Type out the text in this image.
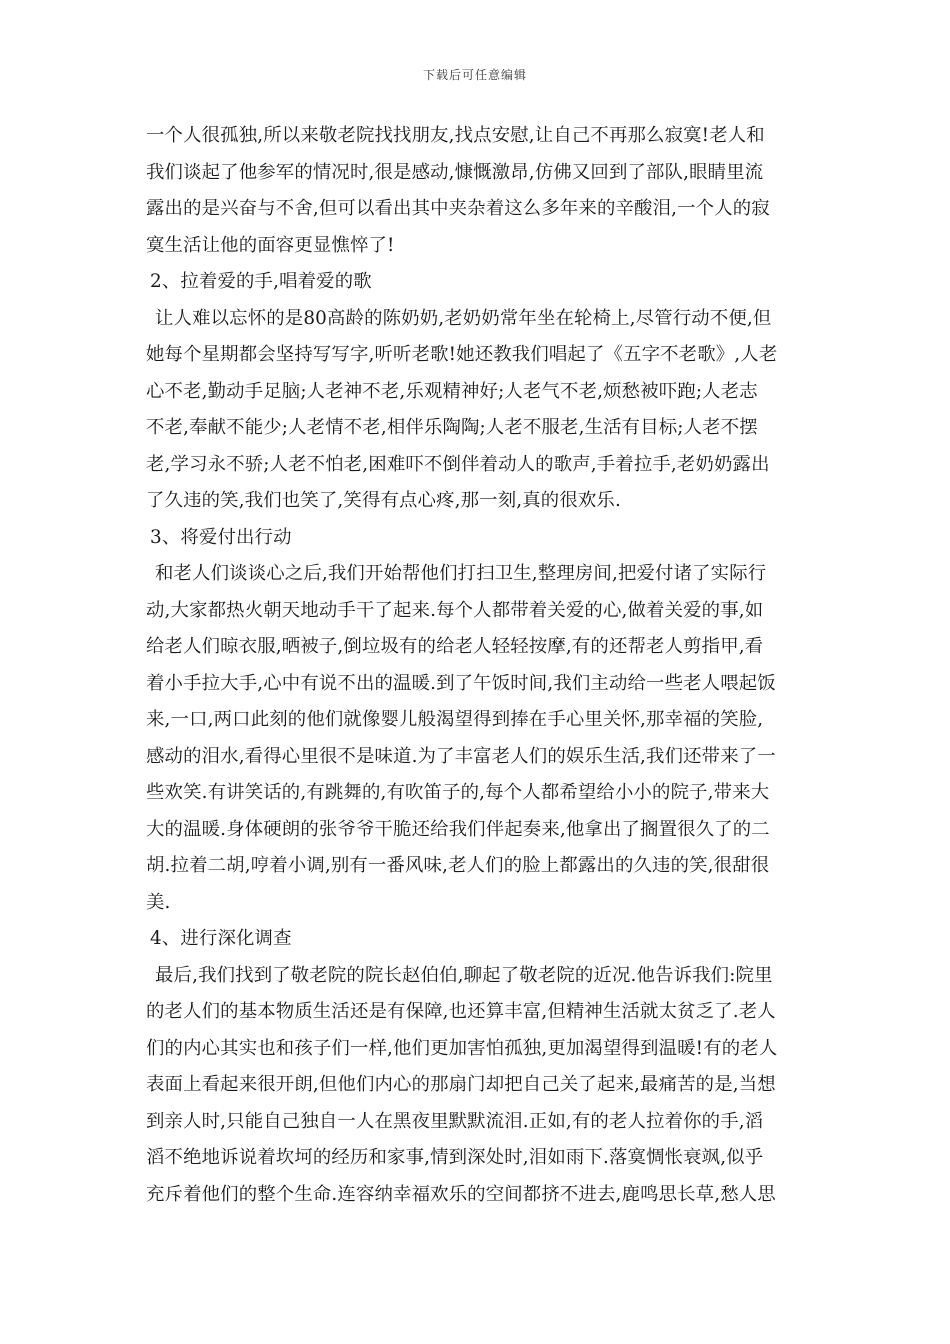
下载后可任意编辑
一个人很孤独,所以来敬老院找找朋友,找点安慰,让自己不再那么寂寞!老人和
我们谈起了他参军的情况时,很是感动,慷慨激昂,仿佛又回到了部队,眼睛里流
露出的是兴奋与不舍,但可以看出其中夹杂着这么多年来的辛酸泪,一个人的寂
寞生活让他的面容更显憔悴了!
2、拉着爱的手,唱着爱的歌
让人难以忘怀的是80高龄的陈奶奶,老奶奶常年坐在轮椅上,尽管行动不便,但
她每个星期都会坚持写写字,听听老歌!她还教我们唱起了《五字不老歌》,人老
心不老,勤动手足脑;人老神不老,乐观精神好;人老气不老,烦愁被吓跑;人老志
不老,奉献不能少;人老情不老,相伴乐陶陶;人老不服老,生活有目标;人老不摆
老,学习永不骄;人老不怕老,困难吓不倒伴着动人的歌声,手着拉手,老奶奶露出
了久违的笑,我们也笑了,笑得有点心疼,那一刻,真的很欢乐.
3、将爱付出行动
和老人们谈谈心之后,我们开始帮他们打扫卫生,整理房间,把爱付诸了实际行
动,大家都热火朝天地动手干了起来.每个人都带着关爱的心,做着关爱的事,如
给老人们晾衣服,晒被子,倒垃圾有的给老人轻轻按摩,有的还帮老人剪指甲,看
着小手拉大手,心中有说不出的温暖.到了午饭时间,我们主动给一些老人喂起饭
来,一口,两口此刻的他们就像婴儿般渴望得到捧在手心里关怀,那幸福的笑脸,
感动的泪水,看得心里很不是味道.为了丰富老人们的娱乐生活,我们还带来了一
些欢笑.有讲笑话的,有跳舞的,有吹笛子的,每个人都希望给小小的院子,带来大
大的温暖.身体硬朗的张爷爷干脆还给我们伴起奏来,他拿出了搁置很久了的二
胡.拉着二胡,哼着小调,别有一番风味,老人们的脸上都露出的久违的笑,很甜很
美.
4、进行深化调查
最后,我们找到了敬老院的院长赵伯伯,聊起了敬老院的近况.他告诉我们:院里
的老人们的基本物质生活还是有保障,也还算丰富,但精神生活就太贫乏了.老人
们的内心其实也和孩子们一样,他们更加害怕孤独,更加渴望得到温暖!有的老人
表面上看起来很开朗,但他们内心的那扇门却把自己关了起来,最痛苦的是,当想
到亲人时,只能自己独自一人在黑夜里默默流泪.正如,有的老人拉着你的手,滔
滔不绝地诉说着坎坷的经历和家事,情到深处时,泪如雨下.落寞惆怅衰飒,似乎
充斥着他们的整个生命.连容纳幸福欢乐的空间都挤不进去,鹿鸣思长草,愁人思
